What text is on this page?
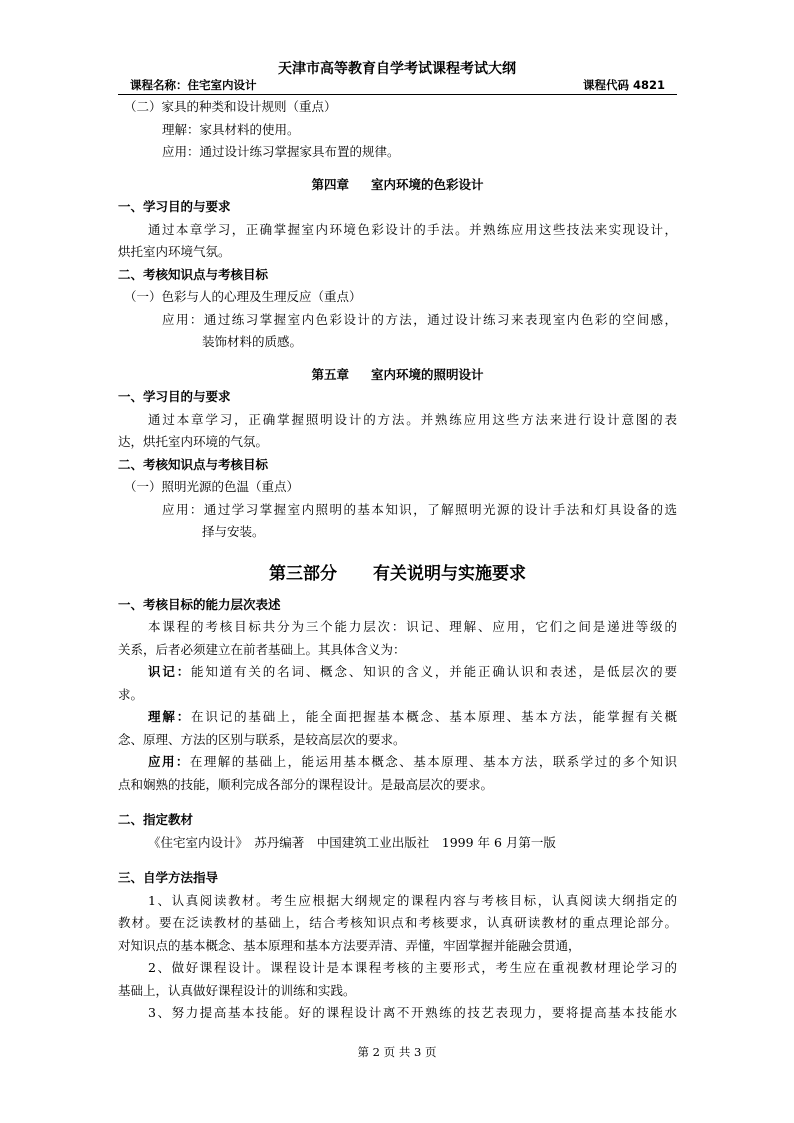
天津市高等教育自学考试课程考试大纲
课程名称：住宅室内设计	课程代码 4821
（二）家具的种类和设计规则（重点）
理解：家具材料的使用。
应用：通过设计练习掌握家具布置的规律。
第四章 室内环境的色彩设计
一、学习目的与要求
通过本章学习，正确掌握室内环境色彩设计的手法。并熟练应用这些技法来实现设计，
烘托室内环境气氛。
二、考核知识点与考核目标
（一）色彩与人的心理及生理反应（重点）
应用：通过练习掌握室内色彩设计的方法，通过设计练习来表现室内色彩的空间感，
装饰材料的质感。
第五章 室内环境的照明设计
一、学习目的与要求
通过本章学习，正确掌握照明设计的方法。并熟练应用这些方法来进行设计意图的表
达，烘托室内环境的气氛。
二、考核知识点与考核目标
（一）照明光源的色温（重点）
应用：通过学习掌握室内照明的基本知识，了解照明光源的设计手法和灯具设备的选
择与安装。
第三部分 有关说明与实施要求
一、考核目标的能力层次表述
本课程的考核目标共分为三个能力层次：识记、理解、应用，它们之间是递进等级的
关系，后者必须建立在前者基础上。其具体含义为：
识记：能知道有关的名词、概念、知识的含义，并能正确认识和表述，是低层次的要
求。
理解：在识记的基础上，能全面把握基本概念、基本原理、基本方法，能掌握有关概
念、原理、方法的区别与联系，是较高层次的要求。
应用：在理解的基础上，能运用基本概念、基本原理、基本方法，联系学过的多个知识
点和娴熟的技能，顺利完成各部分的课程设计。是最高层次的要求。
二、指定教材
《住宅室内设计》　苏丹编著　中国建筑工业出版社　1999 年 6 月第一版
三、自学方法指导
1、认真阅读教材。考生应根据大纲规定的课程内容与考核目标，认真阅读大纲指定的
教材。要在泛读教材的基础上，结合考核知识点和考核要求，认真研读教材的重点理论部分。
对知识点的基本概念、基本原理和基本方法要弄清、弄懂，牢固掌握并能融会贯通，
2、做好课程设计。课程设计是本课程考核的主要形式，考生应在重视教材理论学习的
基础上，认真做好课程设计的训练和实践。
3、努力提高基本技能。好的课程设计离不开熟练的技艺表现力，要将提高基本技能水
第 2 页 共 3 页
